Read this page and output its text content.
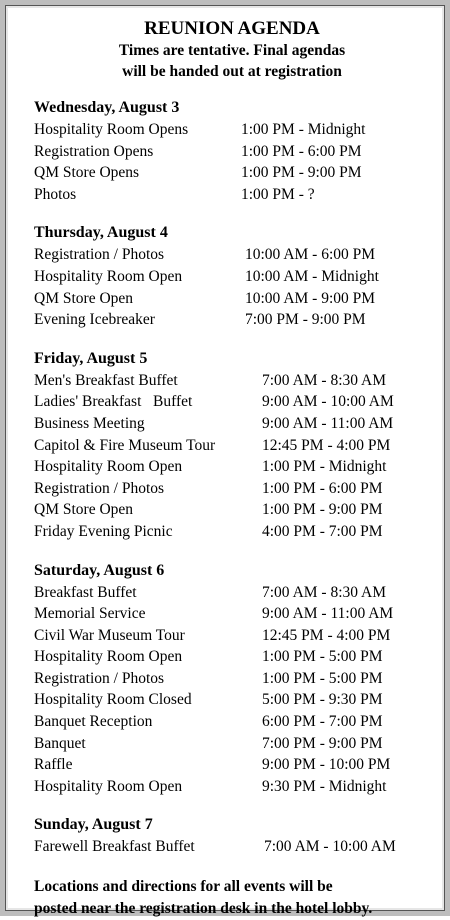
REUNION AGENDA
Times are tentative. Final agendas
will be handed out at registration
Wednesday, August 3
Hospitality Room Opens	1:00 PM - Midnight
Registration Opens	1:00 PM - 6:00 PM
QM Store Opens	1:00 PM - 9:00 PM
Photos	1:00 PM - ?
Thursday, August 4
Registration / Photos	10:00 AM - 6:00 PM
Hospitality Room Open	10:00 AM - Midnight
QM Store Open	10:00 AM - 9:00 PM
Evening Icebreaker	7:00 PM - 9:00 PM
Friday, August 5
Men's Breakfast Buffet	7:00 AM - 8:30 AM
Ladies' Breakfast   Buffet	9:00 AM - 10:00 AM
Business Meeting	9:00 AM - 11:00 AM
Capitol & Fire Museum Tour	12:45 PM - 4:00 PM
Hospitality Room Open	1:00 PM - Midnight
Registration / Photos	1:00 PM - 6:00 PM
QM Store Open	1:00 PM - 9:00 PM
Friday Evening Picnic	4:00 PM - 7:00 PM
Saturday, August 6
Breakfast Buffet	7:00 AM - 8:30 AM
Memorial Service	9:00 AM - 11:00 AM
Civil War Museum Tour	12:45 PM - 4:00 PM
Hospitality Room Open	1:00 PM - 5:00 PM
Registration / Photos	1:00 PM - 5:00 PM
Hospitality Room Closed	5:00 PM - 9:30 PM
Banquet Reception	6:00 PM - 7:00 PM
Banquet	7:00 PM - 9:00 PM
Raffle	9:00 PM - 10:00 PM
Hospitality Room Open	9:30 PM - Midnight
Sunday, August 7
Farewell Breakfast Buffet	7:00 AM - 10:00 AM
Locations and directions for all events will be
posted near the registration desk in the hotel lobby.
